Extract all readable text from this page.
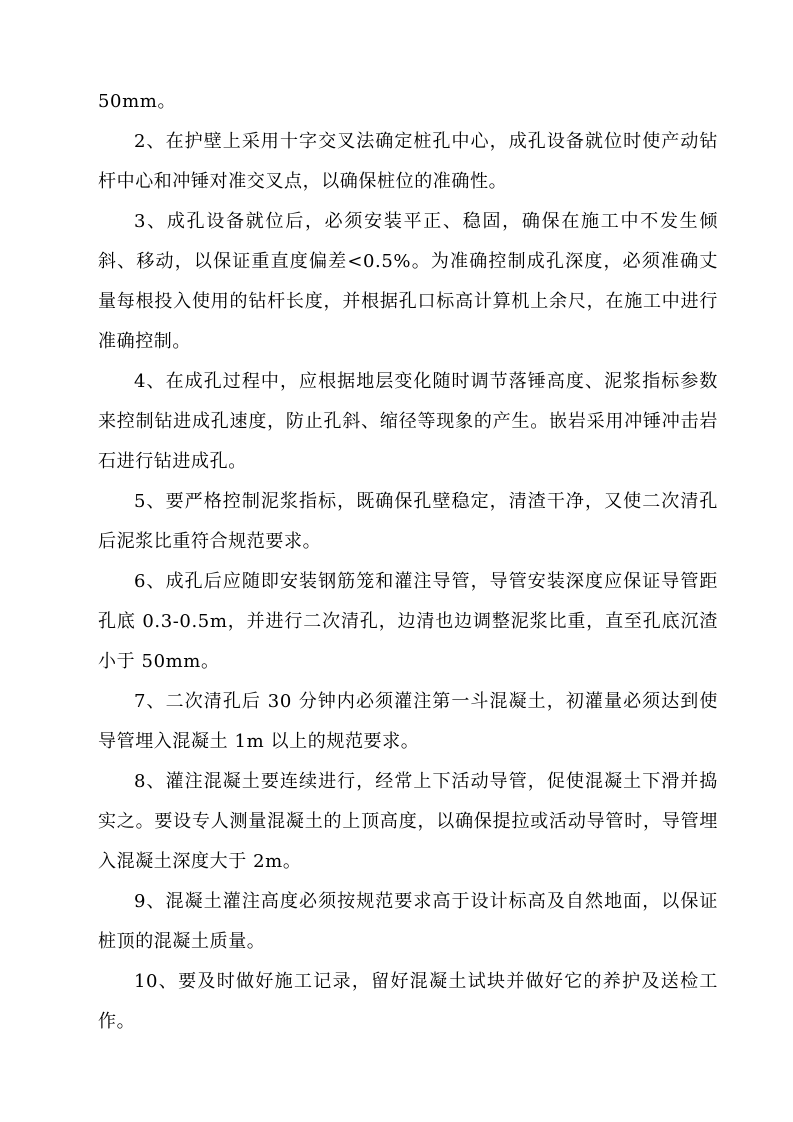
50mm。

2、在护壁上采用十字交叉法确定桩孔中心，成孔设备就位时使产动钻杆中心和冲锤对准交叉点，以确保桩位的准确性。

3、成孔设备就位后，必须安装平正、稳固，确保在施工中不发生倾斜、移动，以保证重直度偏差<0.5%。为准确控制成孔深度，必须准确丈量每根投入使用的钻杆长度，并根据孔口标高计算机上余尺，在施工中进行准确控制。

4、在成孔过程中，应根据地层变化随时调节落锤高度、泥浆指标参数来控制钻进成孔速度，防止孔斜、缩径等现象的产生。嵌岩采用冲锤冲击岩石进行钻进成孔。

5、要严格控制泥浆指标，既确保孔壁稳定，清渣干净，又使二次清孔后泥浆比重符合规范要求。

6、成孔后应随即安装钢筋笼和灌注导管，导管安装深度应保证导管距孔底 0.3-0.5m，并进行二次清孔，边清也边调整泥浆比重，直至孔底沉渣小于 50mm。

7、二次清孔后 30 分钟内必须灌注第一斗混凝土，初灌量必须达到使导管埋入混凝土 1m 以上的规范要求。

8、灌注混凝土要连续进行，经常上下活动导管，促使混凝土下滑并捣实之。要设专人测量混凝土的上顶高度，以确保提拉或活动导管时，导管埋入混凝土深度大于 2m。

9、混凝土灌注高度必须按规范要求高于设计标高及自然地面，以保证桩顶的混凝土质量。

10、要及时做好施工记录，留好混凝土试块并做好它的养护及送检工作。
